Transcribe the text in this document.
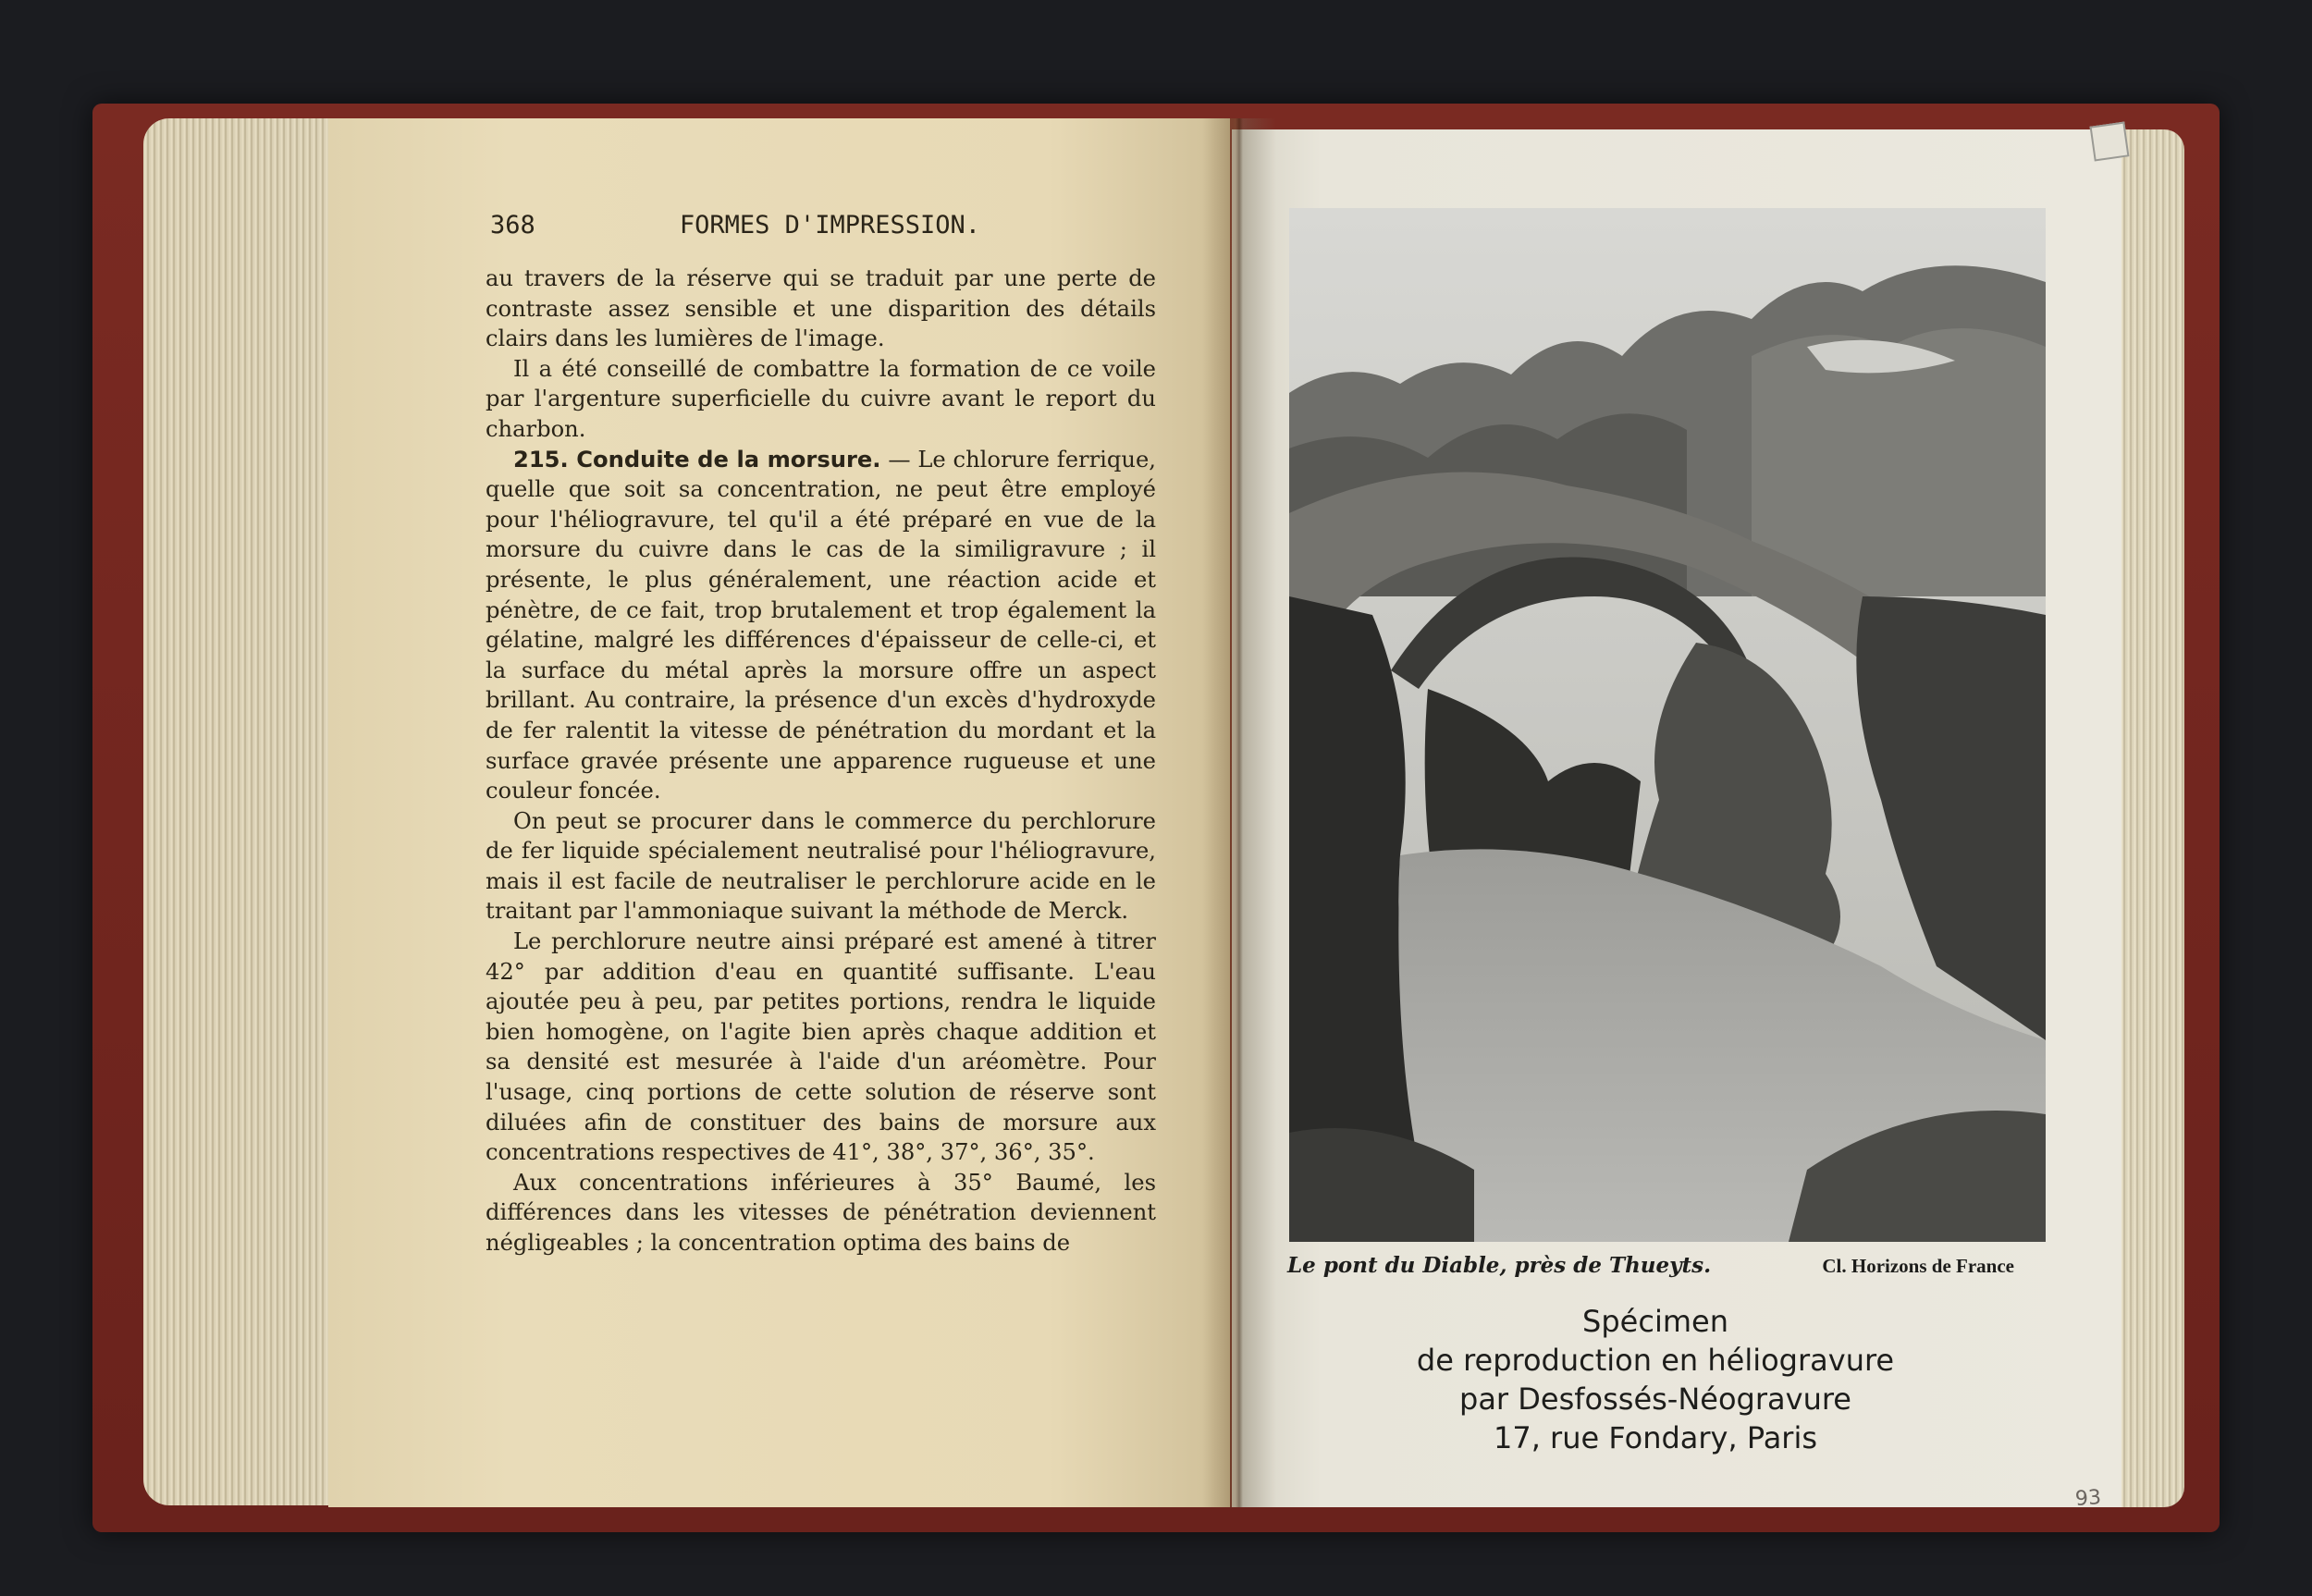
368	FORMES D'IMPRESSION.

au travers de la réserve qui se traduit par une perte de contraste assez sensible et une disparition des détails clairs dans les lumières de l'image.

Il a été conseillé de combattre la formation de ce voile par l'argenture superficielle du cuivre avant le report du charbon.

215. Conduite de la morsure. — Le chlorure ferrique, quelle que soit sa concentration, ne peut être employé pour l'héliogravure, tel qu'il a été préparé en vue de la morsure du cuivre dans le cas de la similigravure ; il présente, le plus généralement, une réaction acide et pénètre, de ce fait, trop brutalement et trop également la gélatine, malgré les différences d'épaisseur de celle-ci, et la surface du métal après la morsure offre un aspect brillant. Au contraire, la présence d'un excès d'hydroxyde de fer ralentit la vitesse de pénétration du mordant et la surface gravée présente une apparence rugueuse et une couleur foncée.

On peut se procurer dans le commerce du perchlorure de fer liquide spécialement neutralisé pour l'héliogravure, mais il est facile de neutraliser le perchlorure acide en le traitant par l'ammoniaque suivant la méthode de Merck.

Le perchlorure neutre ainsi préparé est amené à titrer 42° par addition d'eau en quantité suffisante. L'eau ajoutée peu à peu, par petites portions, rendra le liquide bien homogène, on l'agite bien après chaque addition et sa densité est mesurée à l'aide d'un aréomètre. Pour l'usage, cinq portions de cette solution de réserve sont diluées afin de constituer des bains de morsure aux concentrations respectives de 41°, 38°, 37°, 36°, 35°.

Aux concentrations inférieures à 35° Baumé, les différences dans les vitesses de pénétration deviennent négligeables ; la concentration optima des bains de

Le pont du Diable, près de Thueyts.	Cl. Horizons de France
Spécimen
de reproduction en héliogravure
par Desfossés-Néogravure
17, rue Fondary, Paris
93
